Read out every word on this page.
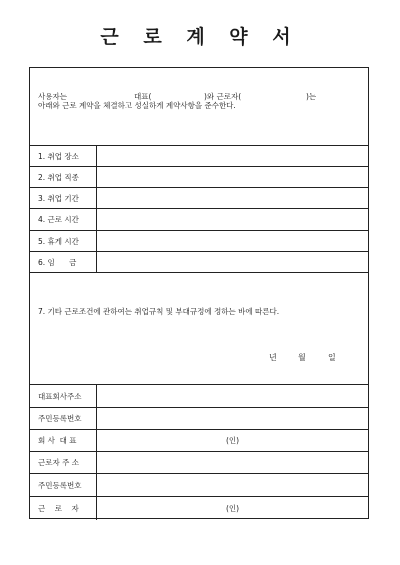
근 로 계 약 서
사용자는	대표(	)와 근로자(	)는
아래와 근로 계약을 체결하고 성실하게 계약사항을 준수한다.
1. 취업 장소
2. 취업 직종
3. 취업 기간
4. 근로 시간
5. 휴게 시간
6. 임      금
7. 기타 근로조건에 관하여는 취업규칙 및 부대규정에 정하는 바에 따른다.
년	월	일
대표회사주소
주민등록번호
회 사  대 표	(인)
근로자 주 소
주민등록번호
근    로    자	(인)
